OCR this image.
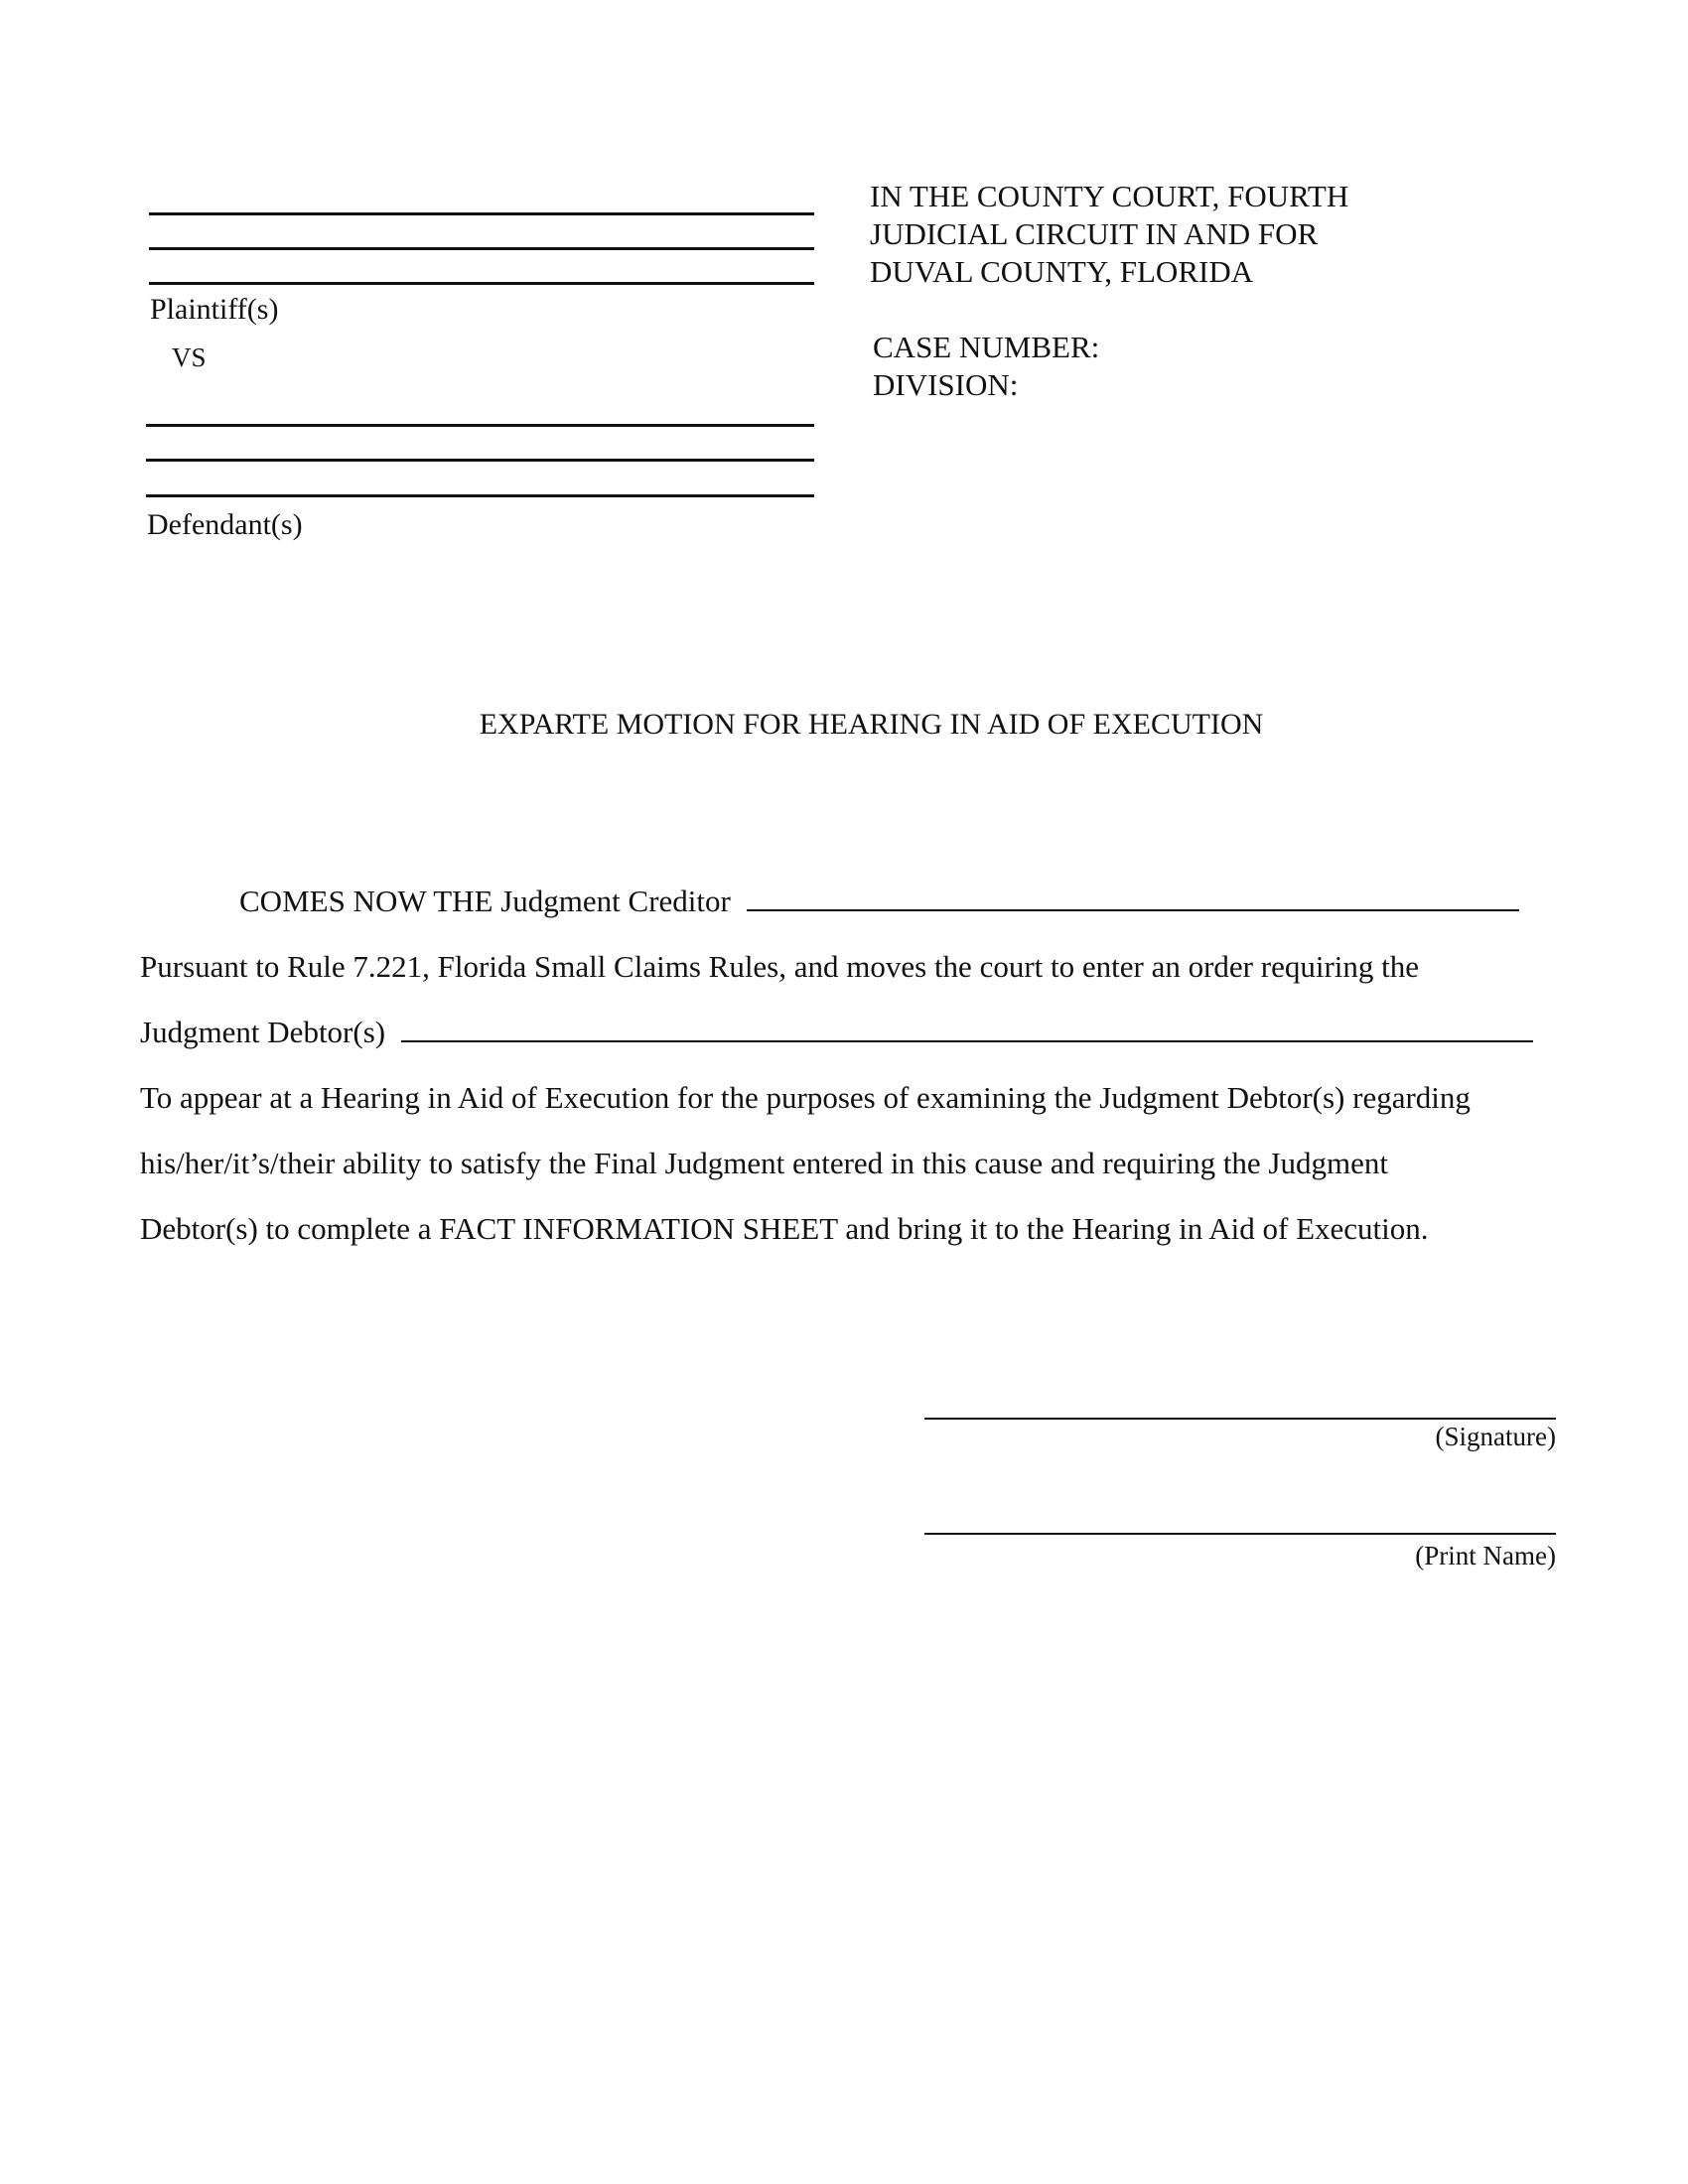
Plaintiff(s)
VS
Defendant(s)
IN THE COUNTY COURT, FOURTH
JUDICIAL CIRCUIT IN AND FOR
DUVAL COUNTY, FLORIDA
CASE NUMBER:
DIVISION:
EXPARTE MOTION FOR HEARING IN AID OF EXECUTION
COMES NOW THE Judgment Creditor
Pursuant to Rule 7.221, Florida Small Claims Rules, and moves the court to enter an order requiring the
Judgment Debtor(s)
To appear at a Hearing in Aid of Execution for the purposes of examining the Judgment Debtor(s) regarding
his/her/it’s/their ability to satisfy the Final Judgment entered in this cause and requiring the Judgment
Debtor(s) to complete a FACT INFORMATION SHEET and bring it to the Hearing in Aid of Execution.
(Signature)
(Print Name)
